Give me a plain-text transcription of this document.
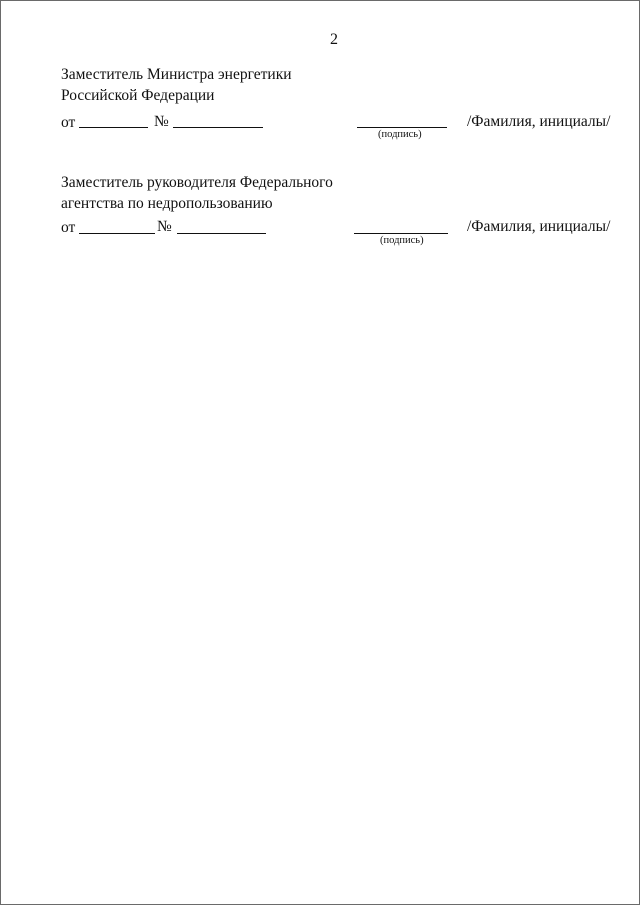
2
Заместитель Министра энергетики
Российской Федерации
от	№
(подпись)
/Фамилия, инициалы/
Заместитель руководителя Федерального
агентства по недропользованию
от	№
(подпись)
/Фамилия, инициалы/
